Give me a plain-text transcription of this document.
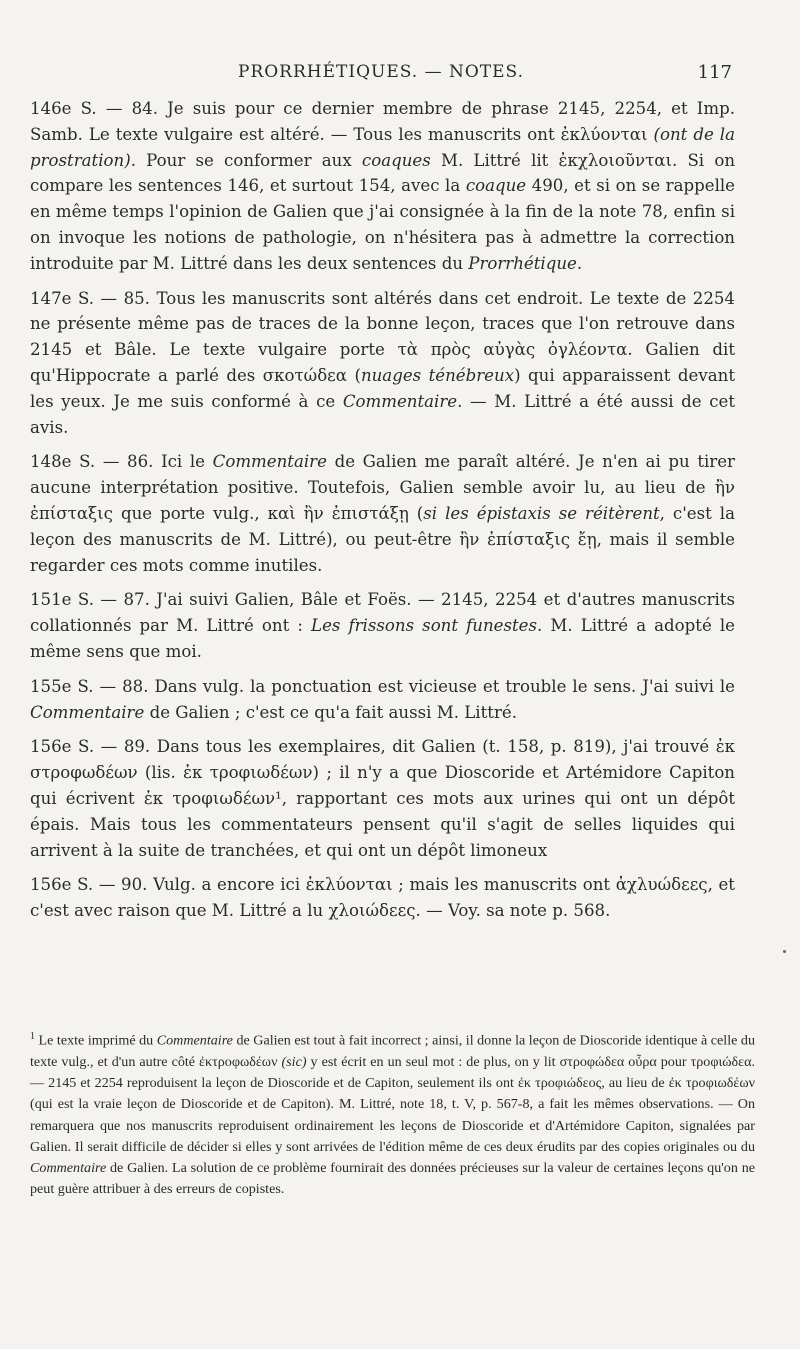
PRORRHÉTIQUES. — NOTES.	117

146e S. — 84. Je suis pour ce dernier membre de phrase 2145, 2254, et Imp. Samb. Le texte vulgaire est altéré. — Tous les manuscrits ont ἐκλύονται (ont de la prostration). Pour se conformer aux coaques M. Littré lit ἐκχλοιοῦνται. Si on compare les sentences 146, et surtout 154, avec la coaque 490, et si on se rappelle en même temps l'opinion de Galien que j'ai consignée à la fin de la note 78, enfin si on invoque les notions de pathologie, on n'hésitera pas à admettre la correction introduite par M. Littré dans les deux sentences du Prorrhétique.

147e S. — 85. Tous les manuscrits sont altérés dans cet endroit. Le texte de 2254 ne présente même pas de traces de la bonne leçon, traces que l'on retrouve dans 2145 et Bâle. Le texte vulgaire porte τὰ πρὸς αὐγὰς ὀγλέοντα. Galien dit qu'Hippocrate a parlé des σκοτώδεα (nuages ténébreux) qui apparaissent devant les yeux. Je me suis conformé à ce Commentaire. — M. Littré a été aussi de cet avis.

148e S. — 86. Ici le Commentaire de Galien me paraît altéré. Je n'en ai pu tirer aucune interprétation positive. Toutefois, Galien semble avoir lu, au lieu de ἢν ἐπίσταξις que porte vulg., καὶ ἢν ἐπιστάξῃ (si les épistaxis se réitèrent, c'est la leçon des manuscrits de M. Littré), ou peut-être ἢν ἐπίσταξις ἔῃ, mais il semble regarder ces mots comme inutiles.

151e S. — 87. J'ai suivi Galien, Bâle et Foës. — 2145, 2254 et d'autres manuscrits collationnés par M. Littré ont : Les frissons sont funestes. M. Littré a adopté le même sens que moi.

155e S. — 88. Dans vulg. la ponctuation est vicieuse et trouble le sens. J'ai suivi le Commentaire de Galien ; c'est ce qu'a fait aussi M. Littré.

156e S. — 89. Dans tous les exemplaires, dit Galien (t. 158, p. 819), j'ai trouvé ἐκ στροφωδέων (lis. ἐκ τροφιωδέων) ; il n'y a que Dioscoride et Artémidore Capiton qui écrivent ἐκ τροφιωδέων¹, rapportant ces mots aux urines qui ont un dépôt épais. Mais tous les commentateurs pensent qu'il s'agit de selles liquides qui arrivent à la suite de tranchées, et qui ont un dépôt limoneux

156e S. — 90. Vulg. a encore ici ἐκλύονται ; mais les manuscrits ont ἀχλυώδεες, et c'est avec raison que M. Littré a lu χλοιώδεες. — Voy. sa note p. 568.

$^1$ Le texte imprimé du Commentaire de Galien est tout à fait incorrect ; ainsi, il donne la leçon de Dioscoride identique à celle du texte vulg., et d'un autre côté ἐκτροφωδέων (sic) y est écrit en un seul mot : de plus, on y lit στροφώδεα οὖρα pour τροφιώδεα. — 2145 et 2254 reproduisent la leçon de Dioscoride et de Capiton, seulement ils ont ἐκ τροφιώδεος, au lieu de ἐκ τροφιωδέων (qui est la vraie leçon de Dioscoride et de Capiton). M. Littré, note 18, t. V, p. 567-8, a fait les mêmes observations. — On remarquera que nos manuscrits reproduisent ordinairement les leçons de Dioscoride et d'Artémidore Capiton, signalées par Galien. Il serait difficile de décider si elles y sont arrivées de l'édition même de ces deux érudits par des copies originales ou du Commentaire de Galien. La solution de ce problème fournirait des données précieuses sur la valeur de certaines leçons qu'on ne peut guère attribuer à des erreurs de copistes.
